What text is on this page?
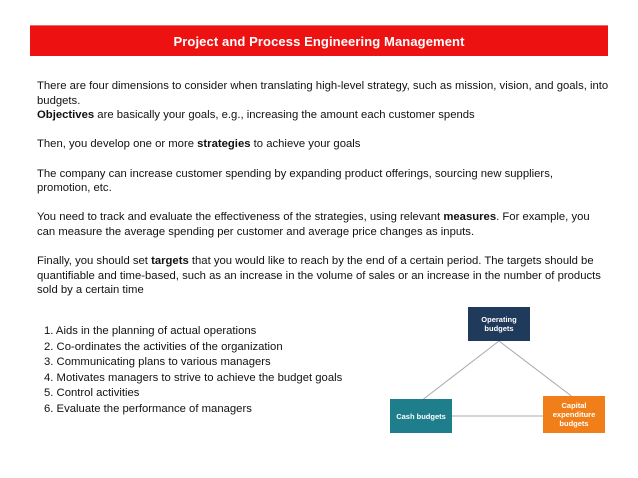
Project and Process Engineering Management

There are four dimensions to consider when translating high-level strategy, such as mission, vision, and goals, into budgets.
Objectives are basically your goals, e.g., increasing the amount each customer spends

Then, you develop one or more strategies to achieve your goals

The company can increase customer spending by expanding product offerings, sourcing new suppliers, promotion, etc.

You need to track and evaluate the effectiveness of the strategies, using relevant measures. For example, you can measure the average spending per customer and average price changes as inputs.

Finally, you should set targets that you would like to reach by the end of a certain period. The targets should be quantifiable and time-based, such as an increase in the volume of sales or an increase in the number of products sold by a certain time

1. Aids in the planning of actual operations
2. Co-ordinates the activities of the organization
3. Communicating plans to various managers
4. Motivates managers to strive to achieve the budget goals
5. Control activities
6. Evaluate the performance of managers
Operating budgets
Cash budgets
Capital expenditure budgets
